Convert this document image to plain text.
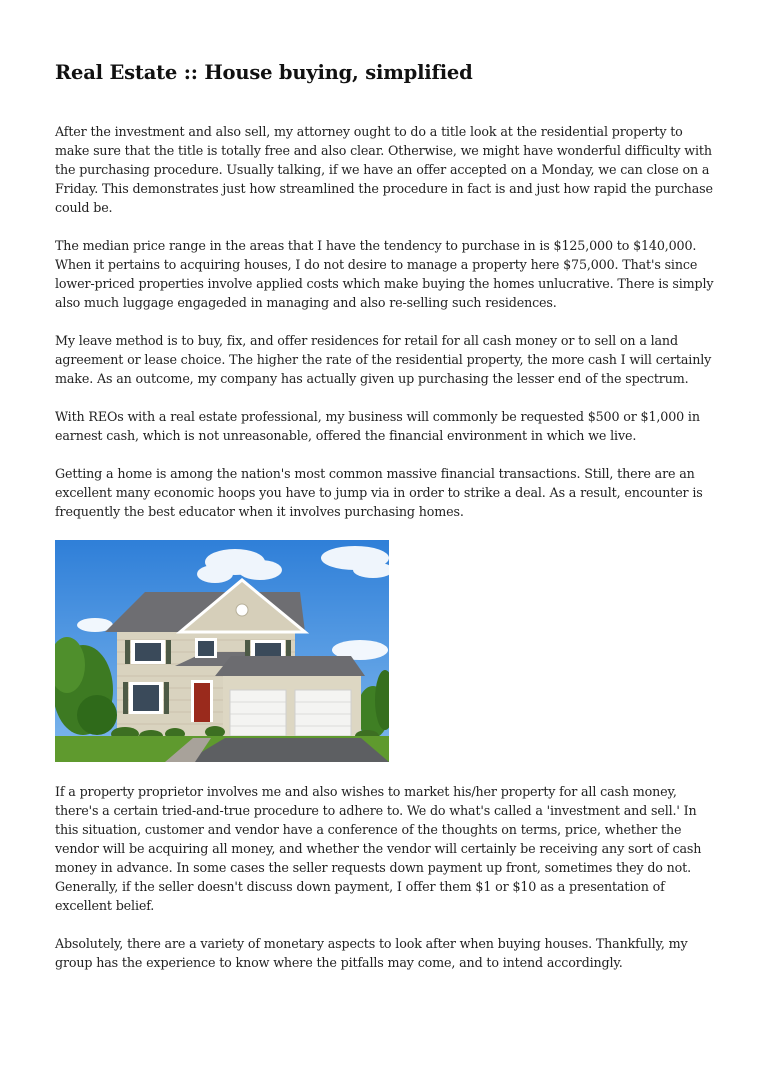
Real Estate :: House buying, simplified

After the investment and also sell, my attorney ought to do a title look at the residential property to make sure that the title is totally free and also clear. Otherwise, we might have wonderful difficulty with the purchasing procedure. Usually talking, if we have an offer accepted on a Monday, we can close on a Friday. This demonstrates just how streamlined the procedure in fact is and just how rapid the purchase could be.

The median price range in the areas that I have the tendency to purchase in is $125,000 to $140,000. When it pertains to acquiring houses, I do not desire to manage a property here $75,000. That's since lower-priced properties involve applied costs which make buying the homes unlucrative. There is simply also much luggage engageded in managing and also re-selling such residences.

My leave method is to buy, fix, and offer residences for retail for all cash money or to sell on a land agreement or lease choice. The higher the rate of the residential property, the more cash I will certainly make. As an outcome, my company has actually given up purchasing the lesser end of the spectrum.

With REOs with a real estate professional, my business will commonly be requested $500 or $1,000 in earnest cash, which is not unreasonable, offered the financial environment in which we live.

Getting a home is among the nation's most common massive financial transactions. Still, there are an excellent many economic hoops you have to jump via in order to strike a deal. As a result, encounter is frequently the best educator when it involves purchasing homes.

If a property proprietor involves me and also wishes to market his/her property for all cash money, there's a certain tried-and-true procedure to adhere to. We do what's called a 'investment and sell.' In this situation, customer and vendor have a conference of the thoughts on terms, price, whether the vendor will be acquiring all money, and whether the vendor will certainly be receiving any sort of cash money in advance. In some cases the seller requests down payment up front, sometimes they do not. Generally, if the seller doesn't discuss down payment, I offer them $1 or $10 as a presentation of excellent belief.

Absolutely, there are a variety of monetary aspects to look after when buying houses. Thankfully, my group has the experience to know where the pitfalls may come, and to intend accordingly.
